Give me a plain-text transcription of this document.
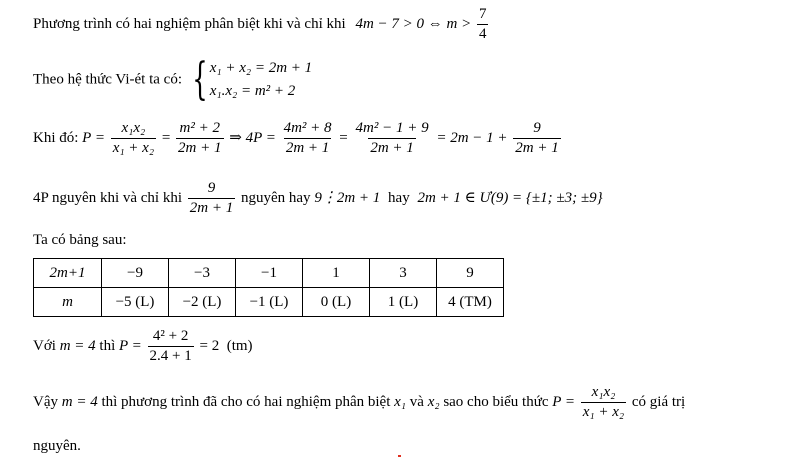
Phương trình có hai nghiệm phân biệt khi và chỉ khi 4m − 7 > 0 ⇔ $m > \frac{7}{4}$
Theo hệ thức Vi-ét ta có: { x₁ + x₂ = 2m + 1
x₁.x₂ = m² + 2
Khi đó: $P = \frac{\text{x₁x₂}}{\text{x₁ + x₂}} = \frac{\text{m² + 2}}{2m + 1}$ ⇒ $4P = \frac{\text{4m² + 8}}{2m + 1} = \frac{\text{4m² − 1 + 9}}{2m + 1} = 2m - 1 + \frac{9}{2m + 1}$
4P nguyên khi và chỉ khi $\frac{9}{2m + 1}$ nguyên hay 9⋮2m + 1 hay 2m + 1 ∈ Ư(9) = {±1; ±3; ±9}
Ta có bảng sau:
2m+1	−9	−3	−1	1	3	9
m	−5 (L)	−2 (L)	−1 (L)	0 (L)	1 (L)	4 (TM)
Với m = 4 thì $P = \frac{\text{4² + 2}}{2.4 + 1} = 2$  (tm)
Vậy m = 4 thì phương trình đã cho có hai nghiệm phân biệt x₁ và x₂ sao cho biểu thức $P = \frac{\text{x₁x₂}}{\text{x₁ + x₂}}$ có giá trị
nguyên.
